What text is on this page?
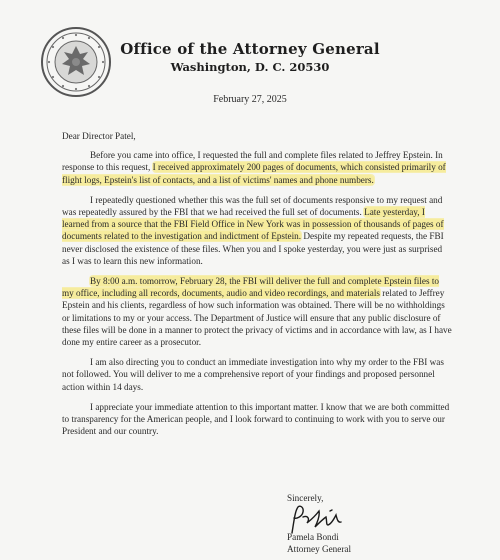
Office of the Attorney General
Washington, D. C. 20530
February 27, 2025
Dear Director Patel,

Before you came into office, I requested the full and complete files related to Jeffrey Epstein. In response to this request, I received approximately 200 pages of documents, which consisted primarily of flight logs, Epstein's list of contacts, and a list of victims' names and phone numbers.

I repeatedly questioned whether this was the full set of documents responsive to my request and was repeatedly assured by the FBI that we had received the full set of documents. Late yesterday, I learned from a source that the FBI Field Office in New York was in possession of thousands of pages of documents related to the investigation and indictment of Epstein. Despite my repeated requests, the FBI never disclosed the existence of these files. When you and I spoke yesterday, you were just as surprised as I was to learn this new information.

By 8:00 a.m. tomorrow, February 28, the FBI will deliver the full and complete Epstein files to my office, including all records, documents, audio and video recordings, and materials related to Jeffrey Epstein and his clients, regardless of how such information was obtained. There will be no withholdings or limitations to my or your access. The Department of Justice will ensure that any public disclosure of these files will be done in a manner to protect the privacy of victims and in accordance with law, as I have done my entire career as a prosecutor.

I am also directing you to conduct an immediate investigation into why my order to the FBI was not followed. You will deliver to me a comprehensive report of your findings and proposed personnel action within 14 days.

I appreciate your immediate attention to this important matter. I know that we are both committed to transparency for the American people, and I look forward to continuing to work with you to serve our President and our country.

Sincerely,
Pamela Bondi
Attorney General
